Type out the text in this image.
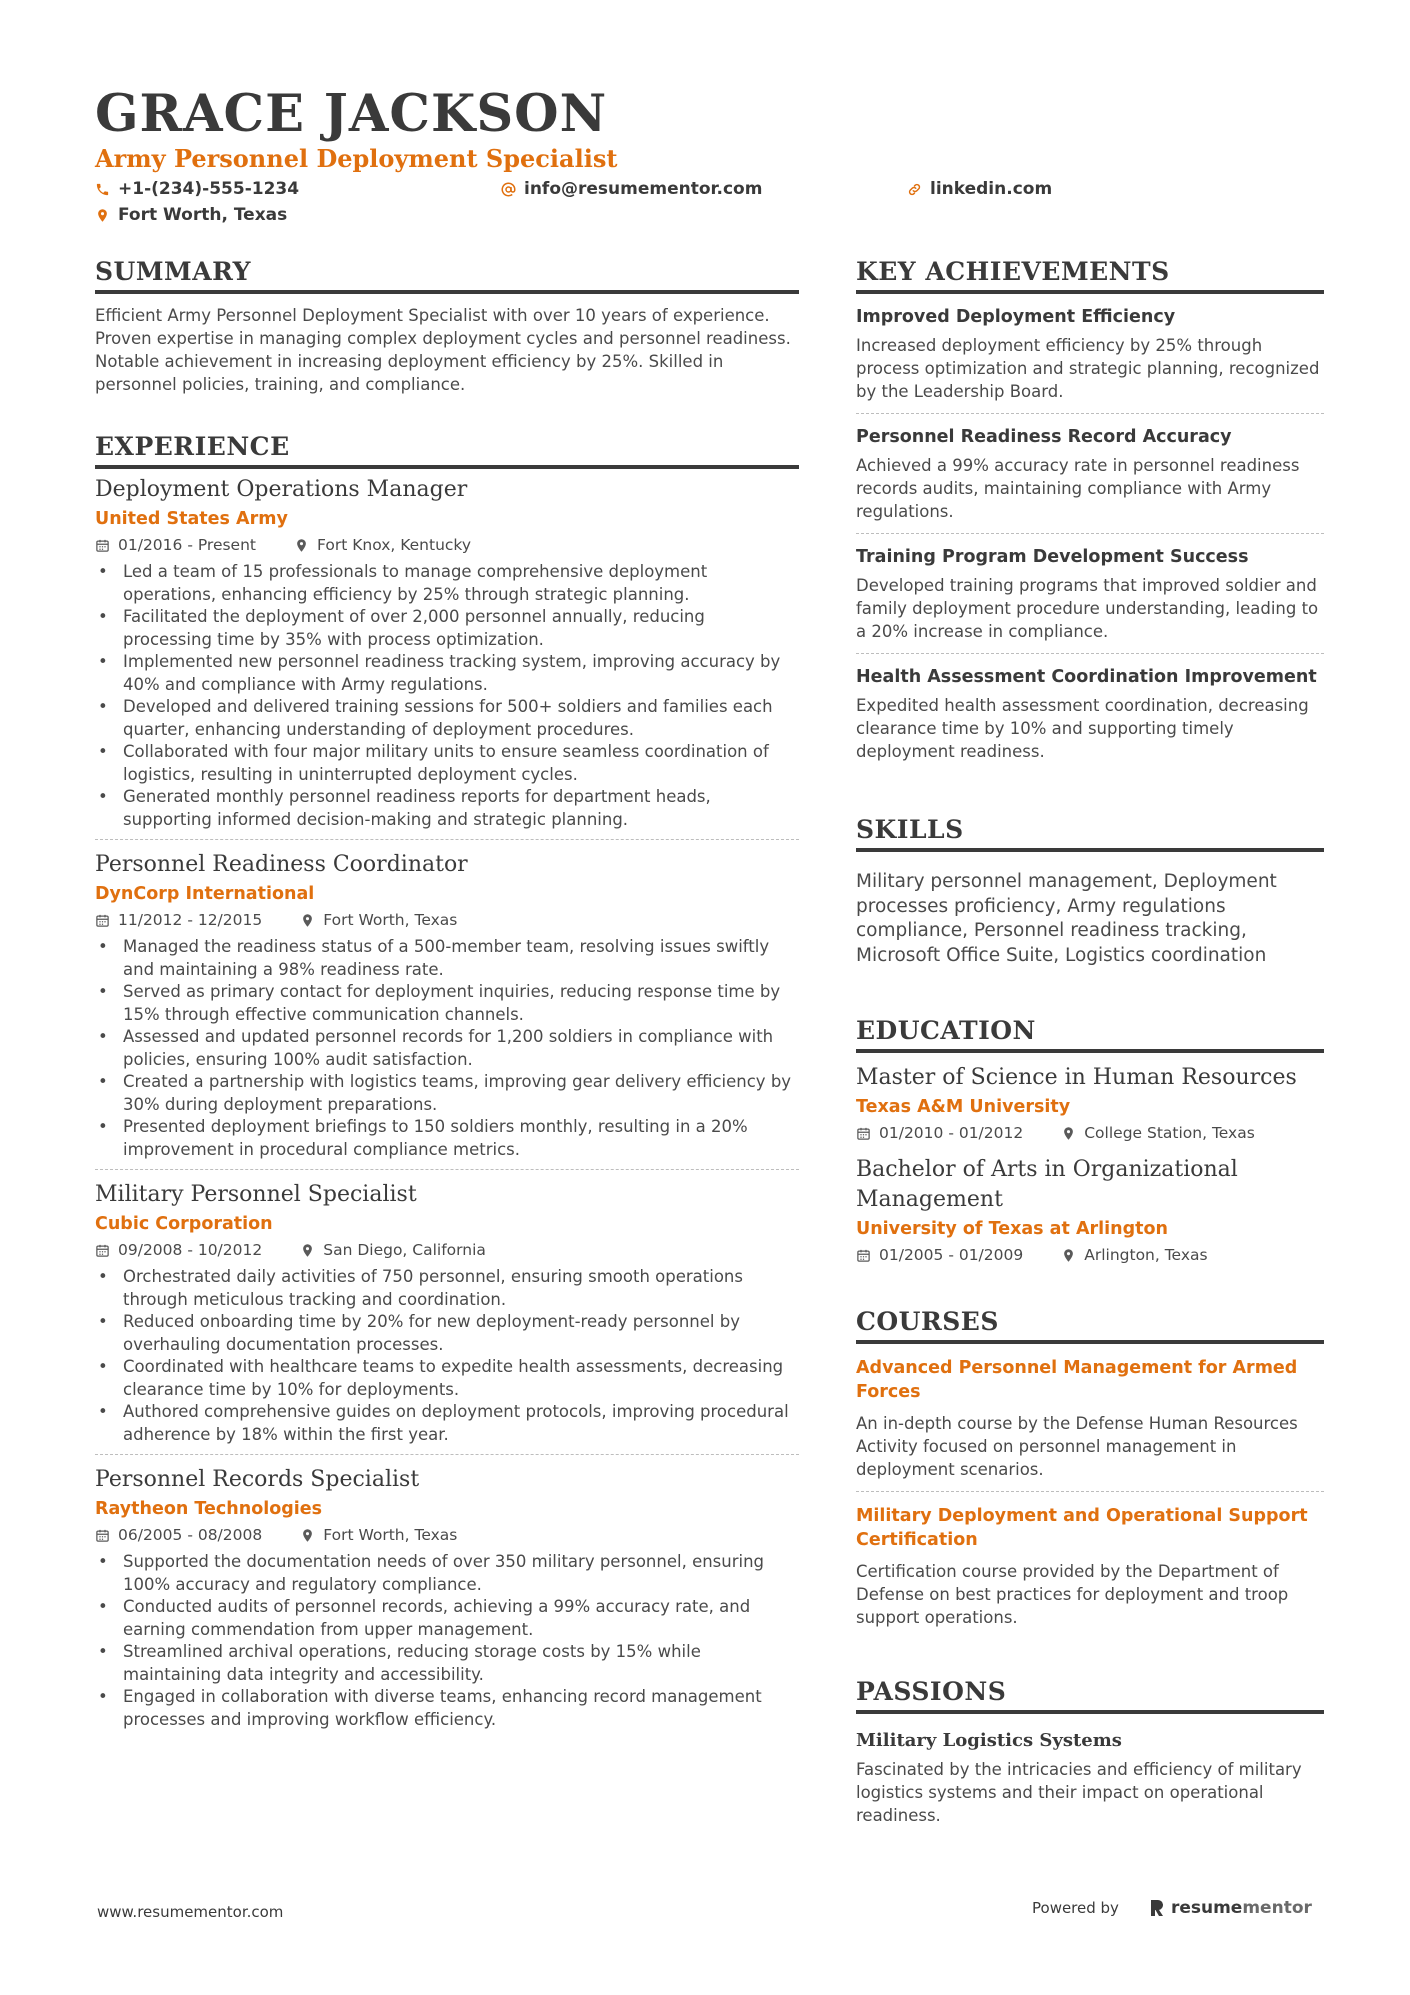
GRACE JACKSON
Army Personnel Deployment Specialist
+1-(234)-555-1234	info@resumementor.com	linkedin.com
Fort Worth, Texas
SUMMARY
Efficient Army Personnel Deployment Specialist with over 10 years of experience. Proven expertise in managing complex deployment cycles and personnel readiness. Notable achievement in increasing deployment efficiency by 25%. Skilled in personnel policies, training, and compliance.
EXPERIENCE
Deployment Operations Manager
United States Army
01/2016 - Present	Fort Knox, Kentucky
• Led a team of 15 professionals to manage comprehensive deployment operations, enhancing efficiency by 25% through strategic planning.
• Facilitated the deployment of over 2,000 personnel annually, reducing processing time by 35% with process optimization.
• Implemented new personnel readiness tracking system, improving accuracy by 40% and compliance with Army regulations.
• Developed and delivered training sessions for 500+ soldiers and families each quarter, enhancing understanding of deployment procedures.
• Collaborated with four major military units to ensure seamless coordination of logistics, resulting in uninterrupted deployment cycles.
• Generated monthly personnel readiness reports for department heads, supporting informed decision-making and strategic planning.
Personnel Readiness Coordinator
DynCorp International
11/2012 - 12/2015	Fort Worth, Texas
• Managed the readiness status of a 500-member team, resolving issues swiftly and maintaining a 98% readiness rate.
• Served as primary contact for deployment inquiries, reducing response time by 15% through effective communication channels.
• Assessed and updated personnel records for 1,200 soldiers in compliance with policies, ensuring 100% audit satisfaction.
• Created a partnership with logistics teams, improving gear delivery efficiency by 30% during deployment preparations.
• Presented deployment briefings to 150 soldiers monthly, resulting in a 20% improvement in procedural compliance metrics.
Military Personnel Specialist
Cubic Corporation
09/2008 - 10/2012	San Diego, California
• Orchestrated daily activities of 750 personnel, ensuring smooth operations through meticulous tracking and coordination.
• Reduced onboarding time by 20% for new deployment-ready personnel by overhauling documentation processes.
• Coordinated with healthcare teams to expedite health assessments, decreasing clearance time by 10% for deployments.
• Authored comprehensive guides on deployment protocols, improving procedural adherence by 18% within the first year.
Personnel Records Specialist
Raytheon Technologies
06/2005 - 08/2008	Fort Worth, Texas
• Supported the documentation needs of over 350 military personnel, ensuring 100% accuracy and regulatory compliance.
• Conducted audits of personnel records, achieving a 99% accuracy rate, and earning commendation from upper management.
• Streamlined archival operations, reducing storage costs by 15% while maintaining data integrity and accessibility.
• Engaged in collaboration with diverse teams, enhancing record management processes and improving workflow efficiency.
KEY ACHIEVEMENTS
Improved Deployment Efficiency
Increased deployment efficiency by 25% through process optimization and strategic planning, recognized by the Leadership Board.
Personnel Readiness Record Accuracy
Achieved a 99% accuracy rate in personnel readiness records audits, maintaining compliance with Army regulations.
Training Program Development Success
Developed training programs that improved soldier and family deployment procedure understanding, leading to a 20% increase in compliance.
Health Assessment Coordination Improvement
Expedited health assessment coordination, decreasing clearance time by 10% and supporting timely deployment readiness.
SKILLS
Military personnel management, Deployment processes proficiency, Army regulations compliance, Personnel readiness tracking, Microsoft Office Suite, Logistics coordination
EDUCATION
Master of Science in Human Resources
Texas A&M University
01/2010 - 01/2012	College Station, Texas
Bachelor of Arts in Organizational Management
University of Texas at Arlington
01/2005 - 01/2009	Arlington, Texas
COURSES
Advanced Personnel Management for Armed Forces
An in-depth course by the Defense Human Resources Activity focused on personnel management in deployment scenarios.
Military Deployment and Operational Support Certification
Certification course provided by the Department of Defense on best practices for deployment and troop support operations.
PASSIONS
Military Logistics Systems
Fascinated by the intricacies and efficiency of military logistics systems and their impact on operational readiness.
www.resumementor.com	Powered by	resumementor
